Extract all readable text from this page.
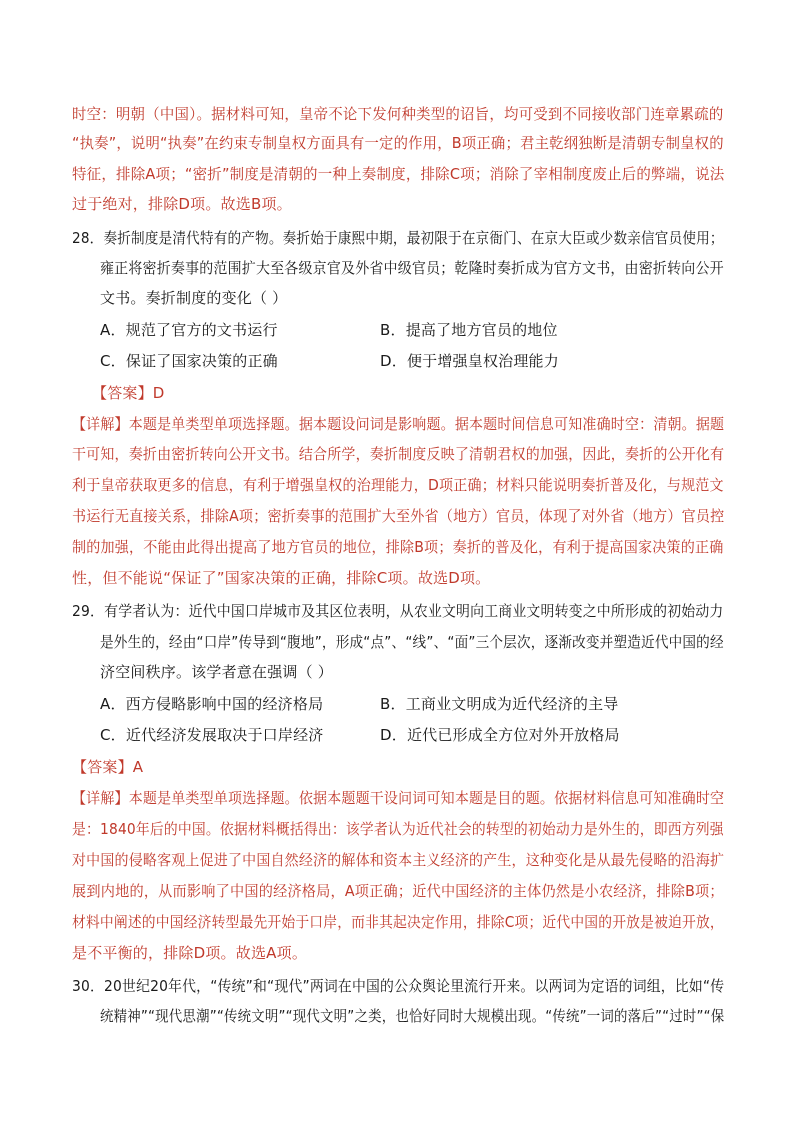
时空：明朝（中国）。据材料可知，皇帝不论下发何种类型的诏旨，均可受到不同接收部门连章累疏的
“执奏”，说明“执奏”在约束专制皇权方面具有一定的作用，B项正确；君主乾纲独断是清朝专制皇权的
特征，排除A项；“密折”制度是清朝的一种上奏制度，排除C项；消除了宰相制度废止后的弊端，说法
过于绝对，排除D项。故选B项。
28．奏折制度是清代特有的产物。奏折始于康熙中期，最初限于在京衙门、在京大臣或少数亲信官员使用；
雍正将密折奏事的范围扩大至各级京官及外省中级官员；乾隆时奏折成为官方文书，由密折转向公开
文书。奏折制度的变化（ ）
A．规范了官方的文书运行	B．提高了地方官员的地位
C．保证了国家决策的正确	D．便于增强皇权治理能力
【答案】D
【详解】本题是单类型单项选择题。据本题设问词是影响题。据本题时间信息可知准确时空：清朝。据题
干可知，奏折由密折转向公开文书。结合所学，奏折制度反映了清朝君权的加强，因此，奏折的公开化有
利于皇帝获取更多的信息，有利于增强皇权的治理能力，D项正确；材料只能说明奏折普及化，与规范文
书运行无直接关系，排除A项；密折奏事的范围扩大至外省（地方）官员，体现了对外省（地方）官员控
制的加强，不能由此得出提高了地方官员的地位，排除B项；奏折的普及化，有利于提高国家决策的正确
性，但不能说“保证了”国家决策的正确，排除C项。故选D项。
29．有学者认为：近代中国口岸城市及其区位表明，从农业文明向工商业文明转变之中所形成的初始动力
是外生的，经由“口岸”传导到“腹地”，形成“点”、“线”、“面”三个层次，逐渐改变并塑造近代中国的经
济空间秩序。该学者意在强调（ ）
A．西方侵略影响中国的经济格局	B．工商业文明成为近代经济的主导
C．近代经济发展取决于口岸经济	D．近代已形成全方位对外开放格局
【答案】A
【详解】本题是单类型单项选择题。依据本题题干设问词可知本题是目的题。依据材料信息可知准确时空
是：1840年后的中国。依据材料概括得出：该学者认为近代社会的转型的初始动力是外生的，即西方列强
对中国的侵略客观上促进了中国自然经济的解体和资本主义经济的产生，这种变化是从最先侵略的沿海扩
展到内地的，从而影响了中国的经济格局，A项正确；近代中国经济的主体仍然是小农经济，排除B项；
材料中阐述的中国经济转型最先开始于口岸，而非其起决定作用，排除C项；近代中国的开放是被迫开放，
是不平衡的，排除D项。故选A项。
30．20世纪20年代，“传统”和“现代”两词在中国的公众舆论里流行开来。以两词为定语的词组，比如“传
统精神”“现代思潮”“传统文明”“现代文明”之类，也恰好同时大规模出现。“传统”一词的落后”“过时”“保
